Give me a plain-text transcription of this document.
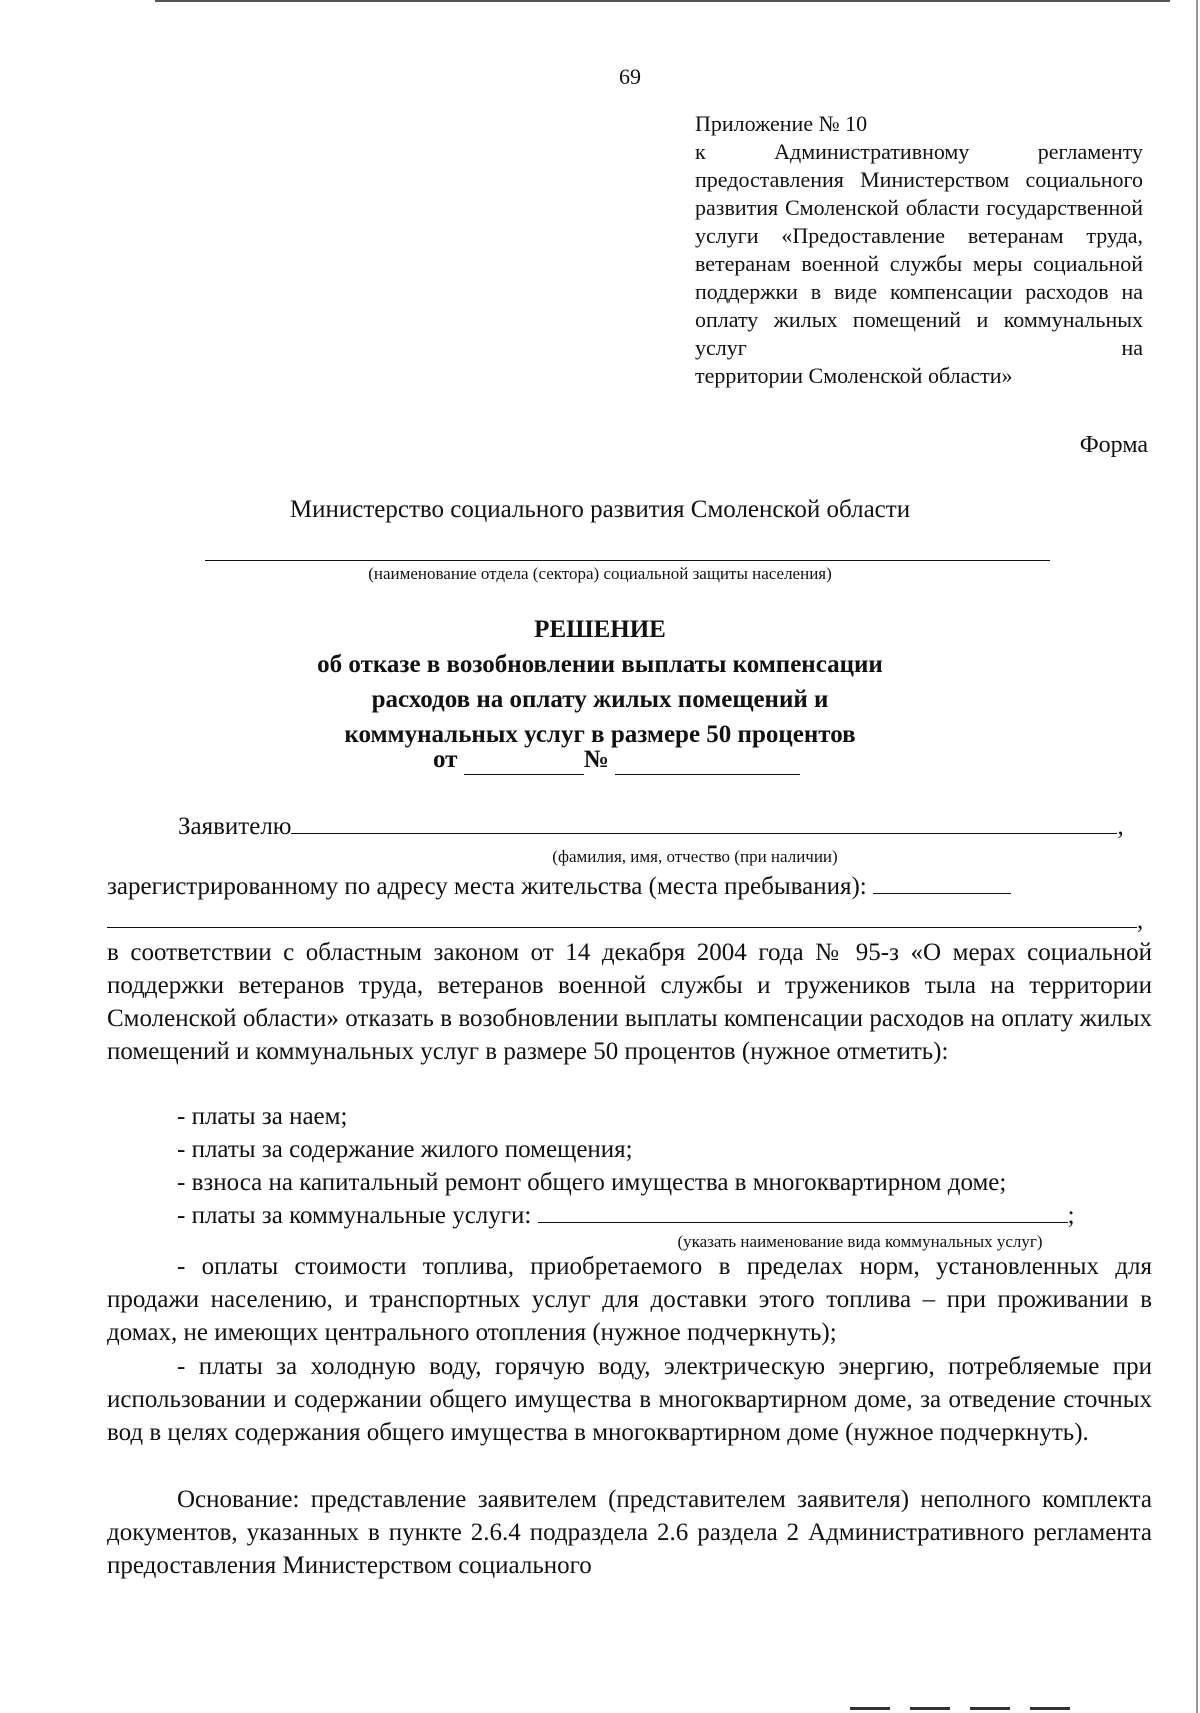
69
Приложение № 10
к Административному регламенту предоставления Министерством социального развития Смоленской области государственной услуги «Предоставление ветеранам труда, ветеранам военной службы меры социальной поддержки в виде компенсации расходов на оплату жилых помещений и коммунальных услуг на
территории Смоленской области»
Форма
Министерство социального развития Смоленской области
(наименование отдела (сектора) социальной защиты населения)
РЕШЕНИЕ
об отказе в возобновлении выплаты компенсации
расходов на оплату жилых помещений и
коммунальных услуг в размере 50 процентов
от	№
Заявителю	,
(фамилия, имя, отчество (при наличии)
зарегистрированному по адресу места жительства (места пребывания):
,
в соответствии с областным законом от 14 декабря 2004 года № 95-з «О мерах социальной поддержки ветеранов труда, ветеранов военной службы и тружеников тыла на территории Смоленской области» отказать в возобновлении выплаты компенсации расходов на оплату жилых помещений и коммунальных услуг в размере 50 процентов (нужное отметить):
- платы за наем;
- платы за содержание жилого помещения;
- взноса на капитальный ремонт общего имущества в многоквартирном доме;
- платы за коммунальные услуги:	;
(указать наименование вида коммунальных услуг)
- оплаты стоимости топлива, приобретаемого в пределах норм, установленных для продажи населению, и транспортных услуг для доставки этого топлива – при проживании в домах, не имеющих центрального отопления (нужное подчеркнуть);
- платы за холодную воду, горячую воду, электрическую энергию, потребляемые при использовании и содержании общего имущества в многоквартирном доме, за отведение сточных вод в целях содержания общего имущества в многоквартирном доме (нужное подчеркнуть).
Основание: представление заявителем (представителем заявителя) неполного комплекта документов, указанных в пункте 2.6.4 подраздела 2.6 раздела 2 Административного регламента предоставления Министерством социального
